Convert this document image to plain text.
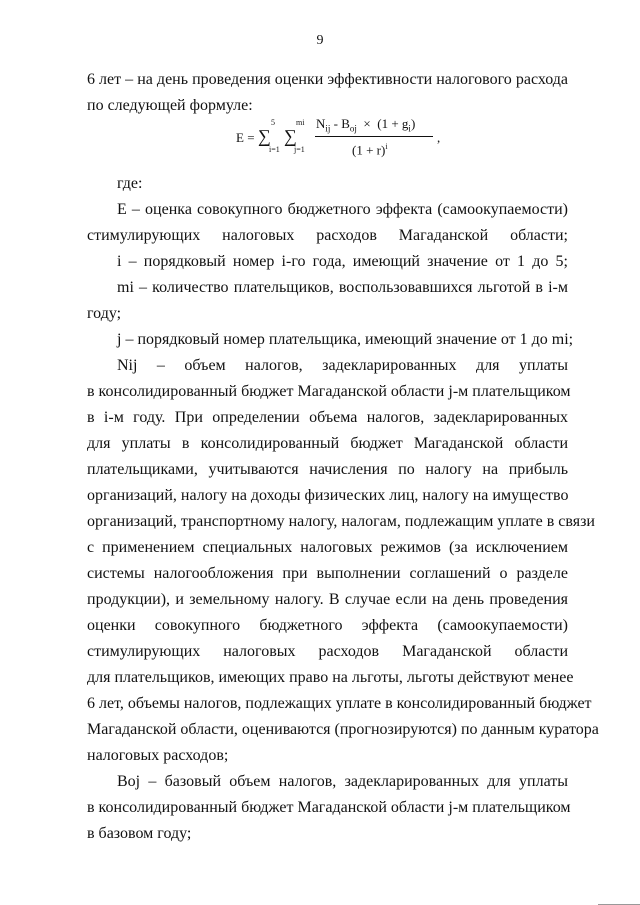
9
6 лет – на день проведения оценки эффективности налогового расхода
по следующей формуле:
E = ∑
5
i=1
∑
mi
j=1
$N_{ij} - B_{oj} \times (1 + g_i)$
$(1 + r)^i$
,
где:
E – оценка совокупного бюджетного эффекта (самоокупаемости)
стимулирующих налоговых расходов Магаданской области;
i – порядковый номер i-го года, имеющий значение от 1 до 5;
mi – количество плательщиков, воспользовавшихся льготой в i-м
году;
j – порядковый номер плательщика, имеющий значение от 1 до mi;
Nij – объем налогов, задекларированных для уплаты
в консолидированный бюджет Магаданской области j-м плательщиком
в i-м году. При определении объема налогов, задекларированных
для уплаты в консолидированный бюджет Магаданской области
плательщиками, учитываются начисления по налогу на прибыль
организаций, налогу на доходы физических лиц, налогу на имущество
организаций, транспортному налогу, налогам, подлежащим уплате в связи
с применением специальных налоговых режимов (за исключением
системы налогообложения при выполнении соглашений о разделе
продукции), и земельному налогу. В случае если на день проведения
оценки совокупного бюджетного эффекта (самоокупаемости)
стимулирующих налоговых расходов Магаданской области
для плательщиков, имеющих право на льготы, льготы действуют менее
6 лет, объемы налогов, подлежащих уплате в консолидированный бюджет
Магаданской области, оцениваются (прогнозируются) по данным куратора
налоговых расходов;
Boj – базовый объем налогов, задекларированных для уплаты
в консолидированный бюджет Магаданской области j-м плательщиком
в базовом году;
